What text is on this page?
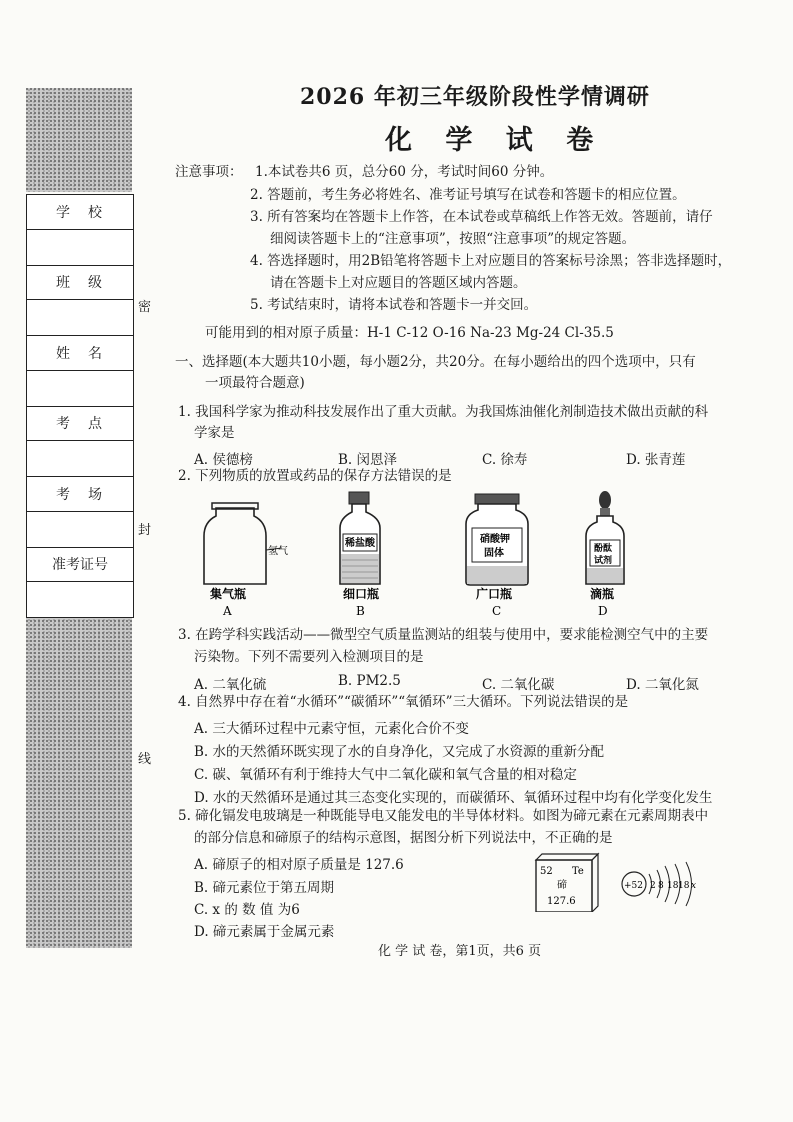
学　校
班　级
姓　名
考　点
考　场
准考证号
密
封
线
2026 年初三年级阶段性学情调研
化 学 试 卷
注意事项： 1.本试卷共6 页，总分60 分，考试时间60 分钟。
2. 答题前，考生务必将姓名、准考证号填写在试卷和答题卡的相应位置。
3. 所有答案均在答题卡上作答，在本试卷或草稿纸上作答无效。答题前，请仔
细阅读答题卡上的“注意事项”，按照“注意事项”的规定答题。
4. 答选择题时，用2B铅笔将答题卡上对应题目的答案标号涂黑；答非选择题时，
请在答题卡上对应题目的答题区域内答题。
5. 考试结束时，请将本试卷和答题卡一并交回。
可能用到的相对原子质量：H-1 C-12 O-16 Na-23 Mg-24 Cl-35.5
一、选择题(本大题共10小题，每小题2分，共20分。在每小题给出的四个选项中，只有
一项最符合题意)
1. 我国科学家为推动科技发展作出了重大贡献。为我国炼油催化剂制造技术做出贡献的科
学家是
A. 侯德榜	B. 闵恩泽	C. 徐寿	D. 张青莲
2. 下列物质的放置或药品的保存方法错误的是
氢气
集气瓶
A
稀盐酸
细口瓶
B
硝酸钾
固体
广口瓶
C
酚酞
试剂
滴瓶
D
3. 在跨学科实践活动——微型空气质量监测站的组装与使用中，要求能检测空气中的主要
污染物。下列不需要列入检测项目的是
A. 二氧化硫	B. PM2.5	C. 二氧化碳	D. 二氧化氮
4. 自然界中存在着“水循环”“碳循环”“氧循环”三大循环。下列说法错误的是
A. 三大循环过程中元素守恒，元素化合价不变
B. 水的天然循环既实现了水的自身净化，又完成了水资源的重新分配
C. 碳、氧循环有利于维持大气中二氧化碳和氧气含量的相对稳定
D. 水的天然循环是通过其三态变化实现的，而碳循环、氧循环过程中均有化学变化发生
5. 碲化镉发电玻璃是一种既能导电又能发电的半导体材料。如图为碲元素在元素周期表中
的部分信息和碲原子的结构示意图，据图分析下列说法中，不正确的是
A. 碲原子的相对原子质量是 127.6
B. 碲元素位于第五周期
C. x 的 数 值 为6
D. 碲元素属于金属元素
52 Te
碲
127.6
+52 2 8 18 18 x
化 学 试 卷，第1页，共6 页
